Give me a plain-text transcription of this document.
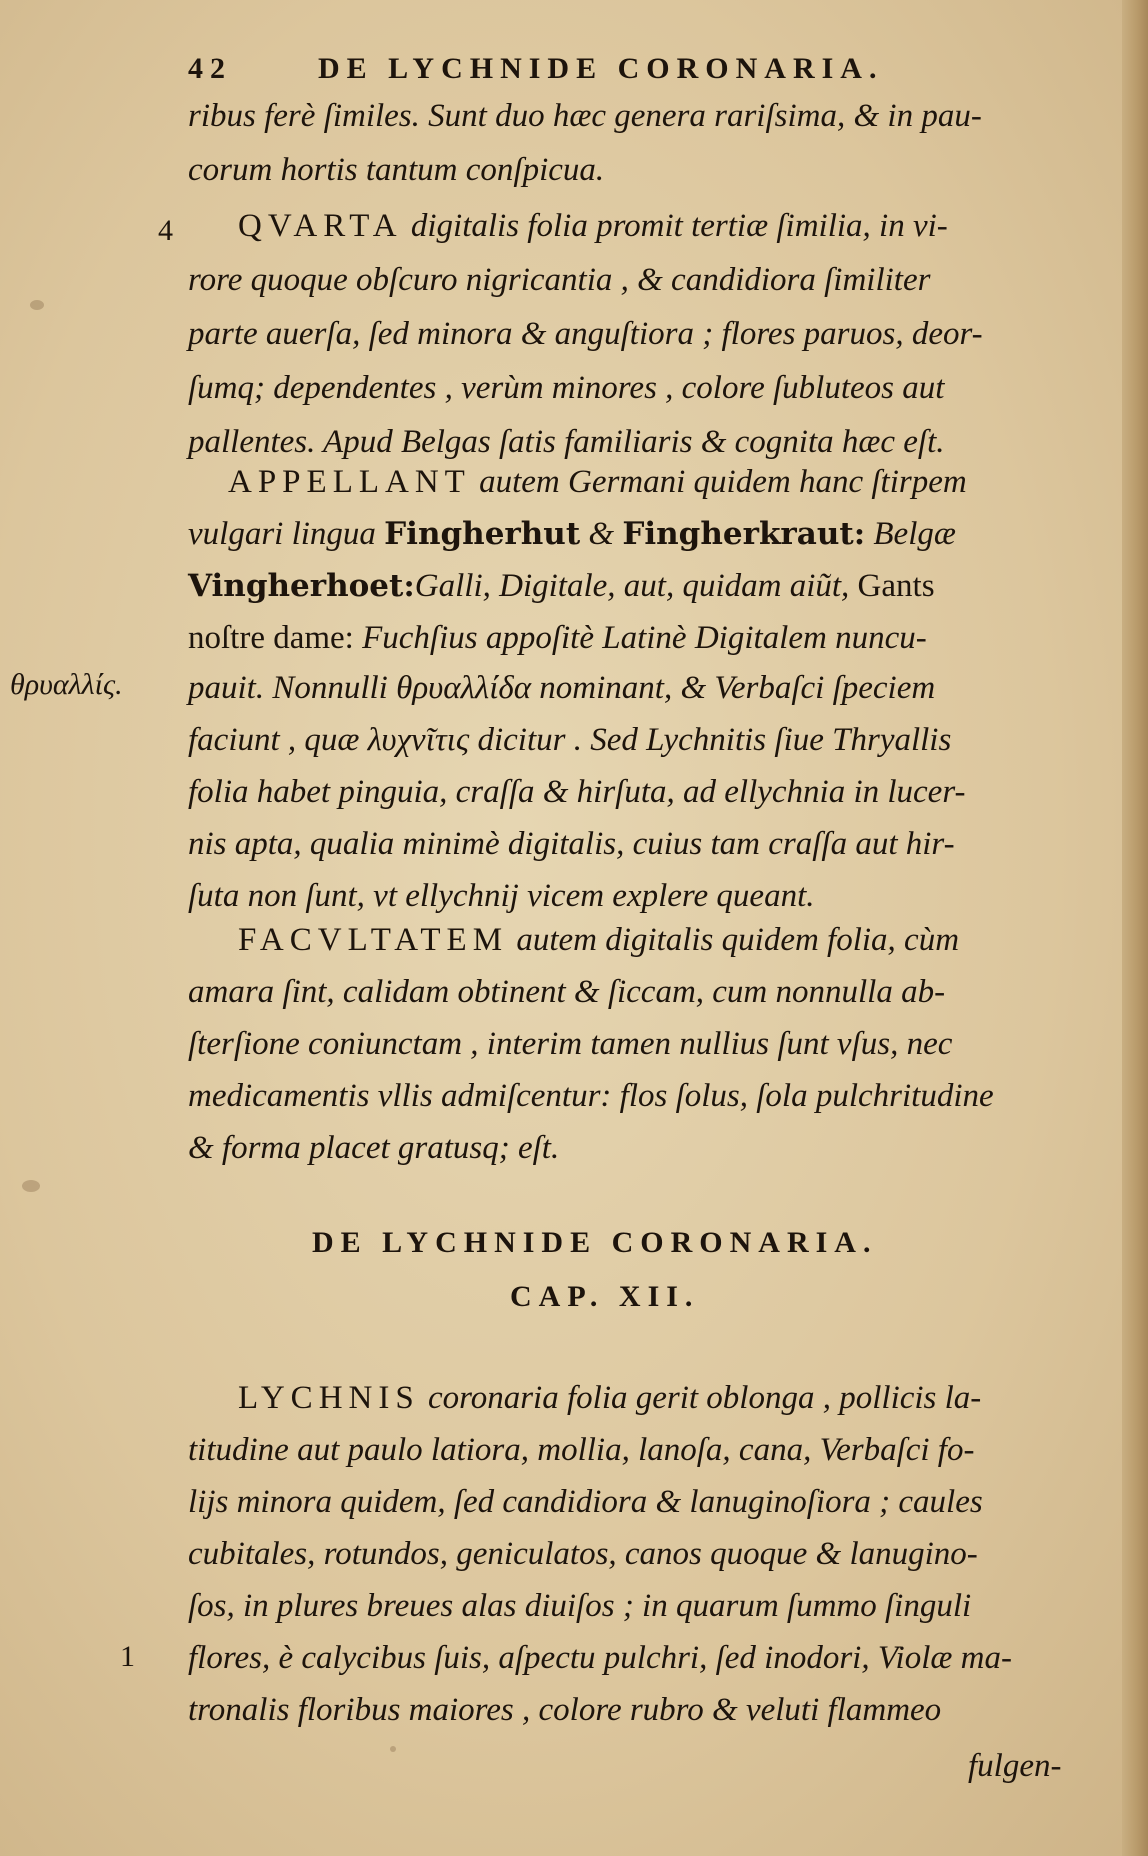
42	DE LYCHNIDE CORONARIA.
ribus ferè ſimiles. Sunt duo hæc genera rariſsima, & in pau-
corum hortis tantum conſpicua.
4 QVARTA digitalis folia promit tertiæ ſimilia, in vi-
rore quoque obſcuro nigricantia , & candidiora ſimiliter
parte auerſa, ſed minora & anguſtiora ; flores paruos, deor-
ſumq; dependentes , verùm minores , colore ſubluteos aut
pallentes. Apud Belgas ſatis familiaris & cognita hæc eſt.
APPELLANT autem Germani quidem hanc ſtirpem
vulgari lingua Fingherhut & Fingherkraut: Belgæ
Vingherhoet:Galli, Digitale, aut, quidam aiũt, Gants
noſtre dame: Fuchſius appoſitè Latinè Digitalem nuncu-
θρυαλλίς. pauit. Nonnulli θρυαλλίδα nominant, & Verbaſci ſpeciem
faciunt , quæ λυχνῖτις dicitur . Sed Lychnitis ſiue Thryallis
folia habet pinguia, craſſa & hirſuta, ad ellychnia in lucer-
nis apta, qualia minimè digitalis, cuius tam craſſa aut hir-
ſuta non ſunt, vt ellychnij vicem explere queant.
FACVLTATEM autem digitalis quidem folia, cùm
amara ſint, calidam obtinent & ſiccam, cum nonnulla ab-
ſterſione coniunctam , interim tamen nullius ſunt vſus, nec
medicamentis vllis admiſcentur: flos ſolus, ſola pulchritudine
& forma placet gratusq; eſt.
DE LYCHNIDE CORONARIA.
CAP. XII.
LYCHNIS coronaria folia gerit oblonga , pollicis la-
titudine aut paulo latiora, mollia, lanoſa, cana, Verbaſci fo-
lijs minora quidem, ſed candidiora & lanuginoſiora ; caules
cubitales, rotundos, geniculatos, canos quoque & lanugino-
ſos, in plures breues alas diuiſos ; in quarum ſummo ſinguli
1 flores, è calycibus ſuis, aſpectu pulchri, ſed inodori, Violæ ma-
tronalis floribus maiores , colore rubro & veluti flammeo
fulgen-
